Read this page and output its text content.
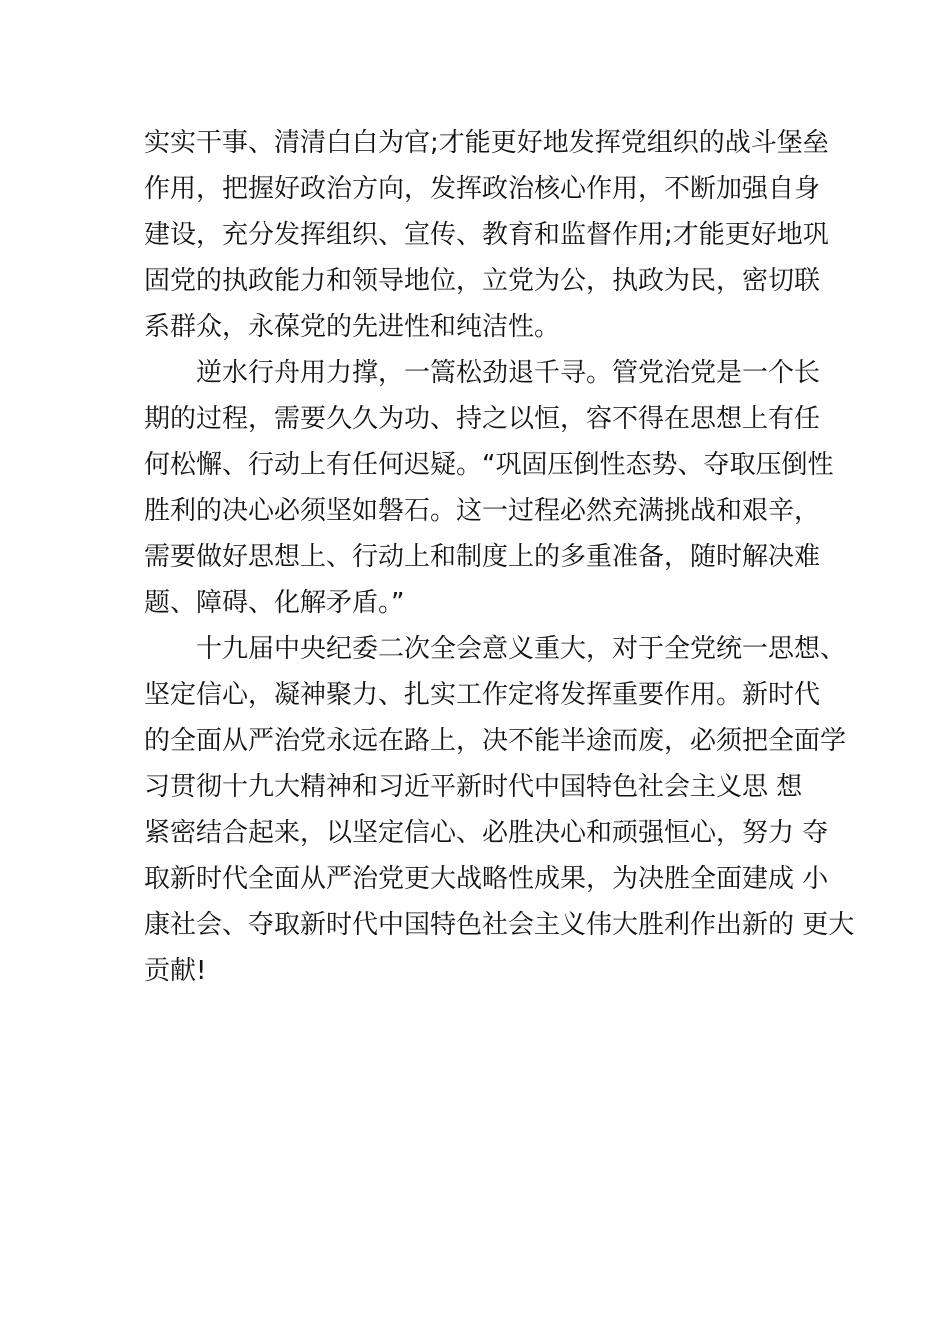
实实干事、清清白白为官;才能更好地发挥党组织的战斗堡垒
作用，把握好政治方向，发挥政治核心作用，不断加强自身
建设，充分发挥组织、宣传、教育和监督作用;才能更好地巩
固党的执政能力和领导地位，立党为公，执政为民，密切联
系群众，永葆党的先进性和纯洁性。
　　逆水行舟用力撑，一篙松劲退千寻。管党治党是一个长
期的过程，需要久久为功、持之以恒，容不得在思想上有任
何松懈、行动上有任何迟疑。“巩固压倒性态势、夺取压倒性
胜利的决心必须坚如磐石。这一过程必然充满挑战和艰辛，
需要做好思想上、行动上和制度上的多重准备，随时解决难
题、障碍、化解矛盾。”
　　十九届中央纪委二次全会意义重大，对于全党统一思想、
坚定信心，凝神聚力、扎实工作定将发挥重要作用。新时代
的全面从严治党永远在路上，决不能半途而废，必须把全面学
习贯彻十九大精神和习近平新时代中国特色社会主义思 想
紧密结合起来，以坚定信心、必胜决心和顽强恒心，努力 夺
取新时代全面从严治党更大战略性成果，为决胜全面建成 小
康社会、夺取新时代中国特色社会主义伟大胜利作出新的 更大
贡献!
